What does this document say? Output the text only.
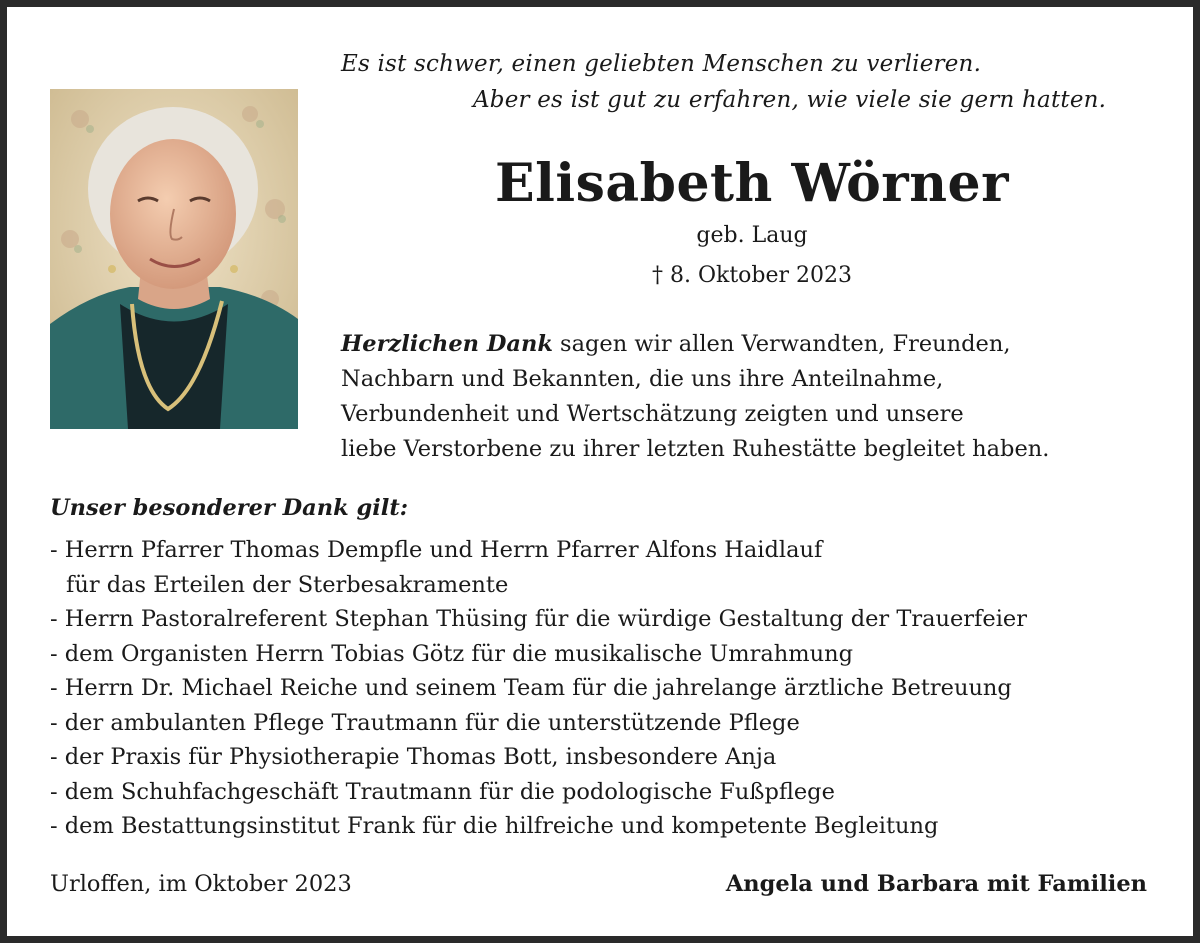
Es ist schwer, einen geliebten Menschen zu verlieren.
Aber es ist gut zu erfahren, wie viele sie gern hatten.
Elisabeth Wörner
geb. Laug
† 8. Oktober 2023
Herzlichen Dank sagen wir allen Verwandten, Freunden,
Nachbarn und Bekannten, die uns ihre Anteilnahme,
Verbundenheit und Wertschätzung zeigten und unsere
liebe Verstorbene zu ihrer letzten Ruhestätte begleitet haben.
Unser besonderer Dank gilt:
- Herrn Pfarrer Thomas Dempfle und Herrn Pfarrer Alfons Haidlauf
für das Erteilen der Sterbesakramente
- Herrn Pastoralreferent Stephan Thüsing für die würdige Gestaltung der Trauerfeier
- dem Organisten Herrn Tobias Götz für die musikalische Umrahmung
- Herrn Dr. Michael Reiche und seinem Team für die jahrelange ärztliche Betreuung
- der ambulanten Pflege Trautmann für die unterstützende Pflege
- der Praxis für Physiotherapie Thomas Bott, insbesondere Anja
- dem Schuhfachgeschäft Trautmann für die podologische Fußpflege
- dem Bestattungsinstitut Frank für die hilfreiche und kompetente Begleitung
Urloffen, im Oktober 2023	Angela und Barbara mit Familien
